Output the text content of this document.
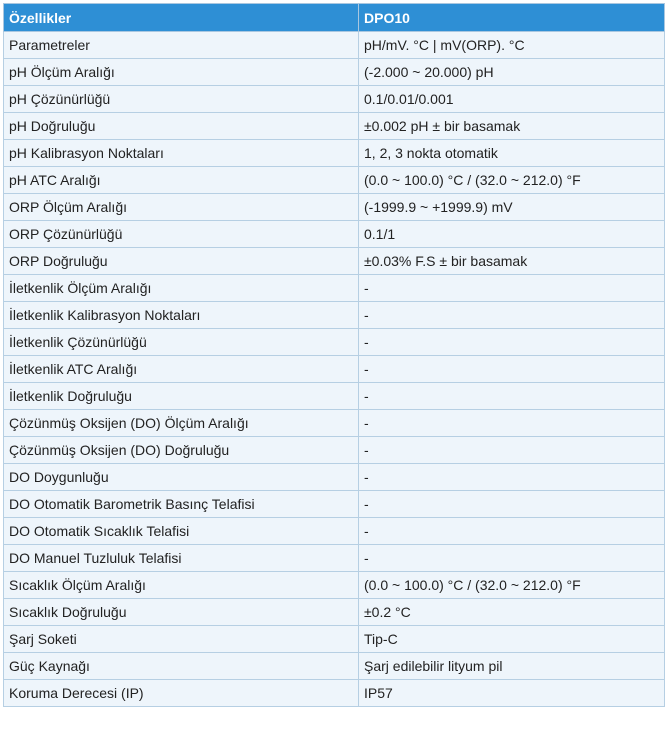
Özellikler	DPO10
Parametreler	pH/mV. °C | mV(ORP). °C
pH Ölçüm Aralığı	(-2.000 ~ 20.000) pH
pH Çözünürlüğü	0.1/0.01/0.001
pH Doğruluğu	±0.002 pH ± bir basamak
pH Kalibrasyon Noktaları	1, 2, 3 nokta otomatik
pH ATC Aralığı	(0.0 ~ 100.0) °C / (32.0 ~ 212.0) °F
ORP Ölçüm Aralığı	(-1999.9 ~ +1999.9) mV
ORP Çözünürlüğü	0.1/1
ORP Doğruluğu	±0.03% F.S ± bir basamak
İletkenlik Ölçüm Aralığı	-
İletkenlik Kalibrasyon Noktaları	-
İletkenlik Çözünürlüğü	-
İletkenlik ATC Aralığı	-
İletkenlik Doğruluğu	-
Çözünmüş Oksijen (DO) Ölçüm Aralığı	-
Çözünmüş Oksijen (DO) Doğruluğu	-
DO Doygunluğu	-
DO Otomatik Barometrik Basınç Telafisi	-
DO Otomatik Sıcaklık Telafisi	-
DO Manuel Tuzluluk Telafisi	-
Sıcaklık Ölçüm Aralığı	(0.0 ~ 100.0) °C / (32.0 ~ 212.0) °F
Sıcaklık Doğruluğu	±0.2 °C
Şarj Soketi	Tip-C
Güç Kaynağı	Şarj edilebilir lityum pil
Koruma Derecesi (IP)	IP57
